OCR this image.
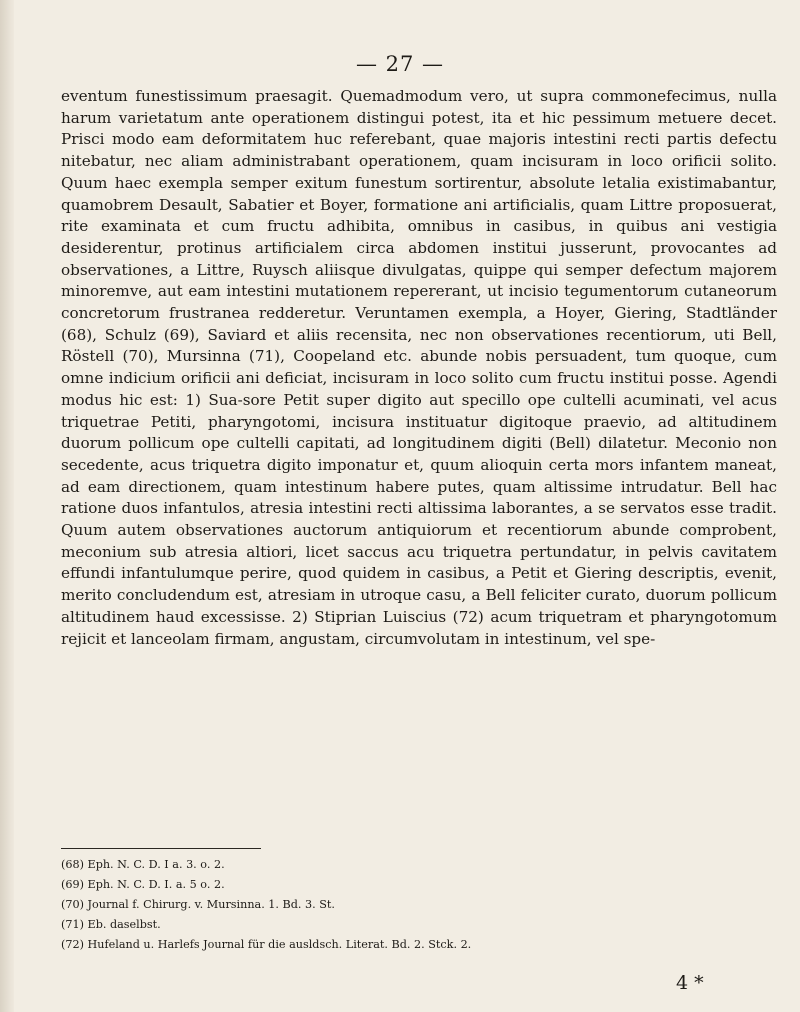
— 27 —

eventum funestissimum praesagit. Quemadmodum vero, ut supra commonefecimus, nulla harum varietatum ante operationem distingui potest, ita et hic pessimum metuere decet. Prisci modo eam deformitatem huc referebant, quae majoris intestini recti partis defectu nitebatur, nec aliam administrabant operationem, quam incisuram in loco orificii solito. Quum haec exempla semper exitum funestum sortirentur, absolute letalia existimabantur, quamobrem Desault, Sabatier et Boyer, formatione ani artificialis, quam Littre proposuerat, rite examinata et cum fructu adhibita, omnibus in casibus, in quibus ani vestigia desiderentur, protinus artificialem circa abdomen institui jusserunt, provocantes ad observationes, a Littre, Ruysch aliisque divulgatas, quippe qui semper defectum majorem minoremve, aut eam intestini mutationem repererant, ut incisio tegumentorum cutaneorum concretorum frustranea redderetur. Veruntamen exempla, a Hoyer, Giering, Stadtländer (68), Schulz (69), Saviard et aliis recensita, nec non observationes recentiorum, uti Bell, Röstell (70), Mursinna (71), Coopeland etc. abunde nobis persuadent, tum quoque, cum omne indicium orificii ani deficiat, incisuram in loco solito cum fructu institui posse. Agendi modus hic est: 1) Sua-sore Petit super digito aut specillo ope cultelli acuminati, vel acus triquetrae Petiti, pharyngotomi, incisura instituatur digitoque praevio, ad altitudinem duorum pollicum ope cultelli capitati, ad longitudinem digiti (Bell) dilatetur. Meconio non secedente, acus triquetra digito imponatur et, quum alioquin certa mors infantem maneat, ad eam directionem, quam intestinum habere putes, quam altissime intrudatur. Bell hac ratione duos infantulos, atresia intestini recti altissima laborantes, a se servatos esse tradit. Quum autem observationes auctorum antiquiorum et recentiorum abunde comprobent, meconium sub atresia altiori, licet saccus acu triquetra pertundatur, in pelvis cavitatem effundi infantulumque perire, quod quidem in casibus, a Petit et Giering descriptis, evenit, merito concludendum est, atresiam in utroque casu, a Bell feliciter curato, duorum pollicum altitudinem haud excessisse. 2) Stiprian Luiscius (72) acum triquetram et pharyngotomum rejicit et lanceolam firmam, angustam, circumvolutam in intestinum, vel spe-

(68) Eph. N. C. D. I a. 3. o. 2.
(69) Eph. N. C. D. I. a. 5 o. 2.
(70) Journal f. Chirurg. v. Mursinna. 1. Bd. 3. St.
(71) Eb. daselbst.
(72) Hufeland u. Harlefs Journal für die ausldsch. Literat. Bd. 2. Stck. 2.
4 *
